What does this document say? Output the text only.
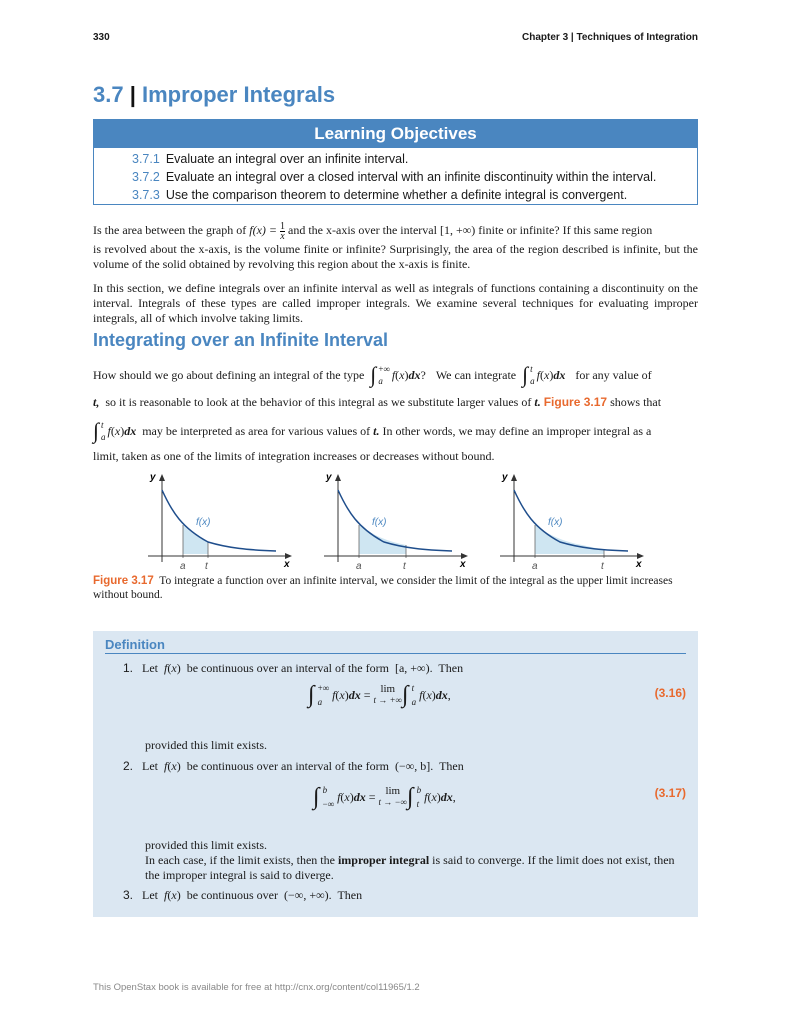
330	Chapter 3 | Techniques of Integration
3.7 | Improper Integrals
Learning Objectives
3.7.1 Evaluate an integral over an infinite interval.
3.7.2 Evaluate an integral over a closed interval with an infinite discontinuity within the interval.
3.7.3 Use the comparison theorem to determine whether a definite integral is convergent.
Is the area between the graph of $f(x) = \frac{1}{x}$ and the x-axis over the interval [1, +∞) finite or infinite? If this same region
is revolved about the x-axis, is the volume finite or infinite? Surprisingly, the area of the region described is infinite, but the volume of the solid obtained by revolving this region about the x-axis is finite.
In this section, we define integrals over an infinite interval as well as integrals of functions containing a discontinuity on the interval. Integrals of these types are called improper integrals. We examine several techniques for evaluating improper integrals, all of which involve taking limits.
Integrating over an Infinite Interval
How should we go about defining an integral of the type ∫ +∞
a f ( x ) dx ? We can integrate ∫ t
a f ( x ) dx for any value of
t,
so it is reasonable to look at the behavior of this integral as we substitute larger values of
t.
Figure 3.17
shows that
∫ t
a f ( x ) dx
may be interpreted as area for various values of
t.
In other words, we may define an improper integral as a
limit, taken as one of the limits of integration increases or decreases without bound.
y
x
f(x)
a t
y
x
f(x)
a	t
y
x
f(x)
a	t
Figure 3.17 To integrate a function over an infinite interval, we consider the limit of the integral as the upper limit increases without bound.
Definition
1. Let f(x)  be continuous over an interval of the form [a, +∞). Then
∫ +∞
a
f ( x ) dx = lim
t → +∞ ∫ t
a
f ( x ) dx ,	(3.16)
provided this limit exists.
2. Let f(x)  be continuous over an interval of the form (−∞, b]. Then
∫ b
−∞
f ( x ) dx = lim
t → −∞ ∫ b
t
f ( x ) dx ,	(3.17)
provided this limit exists.
In each case, if the limit exists, then the improper integral is said to converge. If the limit does not exist, then the improper integral is said to diverge.
3. Let f(x)  be continuous over (−∞, +∞). Then
This OpenStax book is available for free at http://cnx.org/content/col11965/1.2
